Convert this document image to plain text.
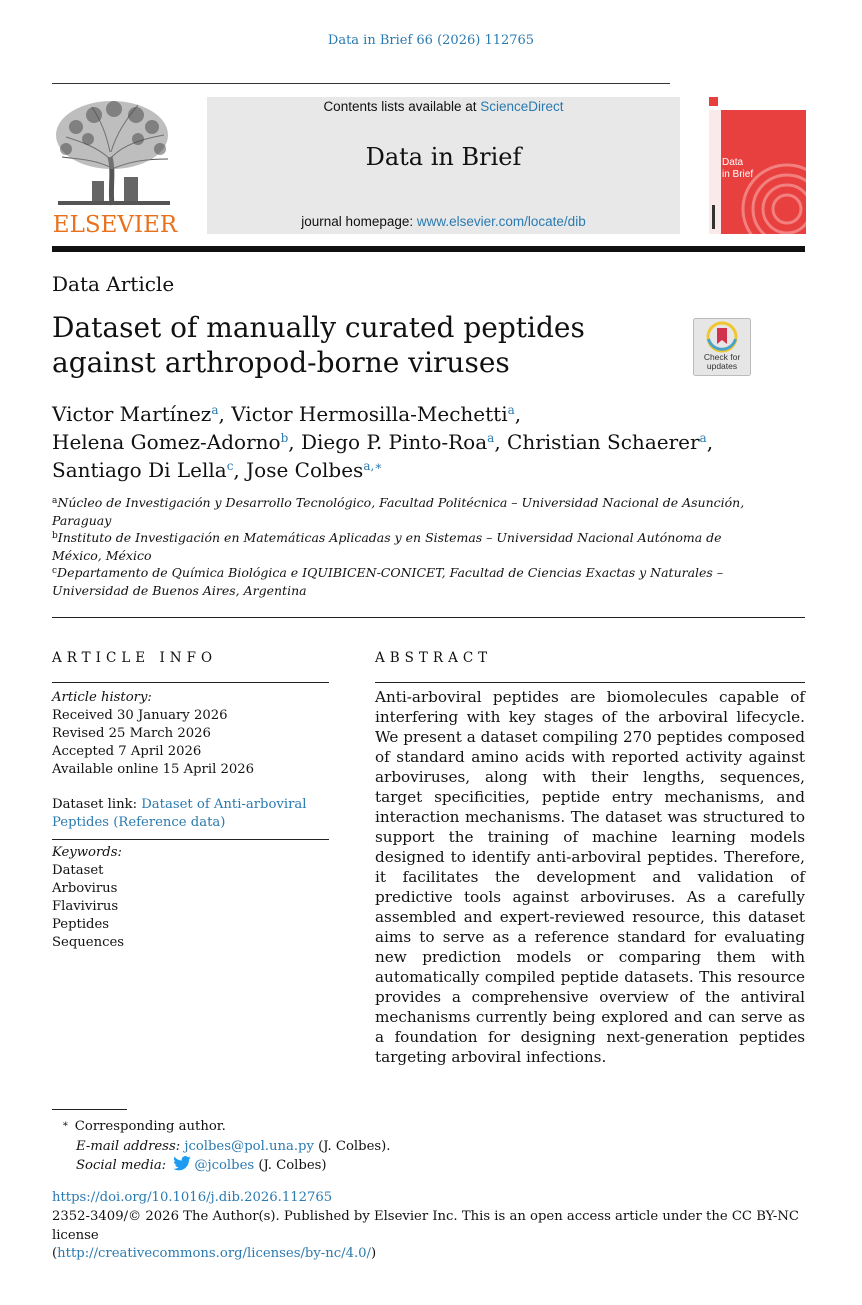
Data in Brief 66 (2026) 112765
ELSEVIER
Contents lists available at ScienceDirect
Data in Brief
journal homepage: www.elsevier.com/locate/dib
Data
in Brief
Data Article
Dataset of manually curated peptides against arthropod-borne viruses	Check for
updates
Victor Martínez$^a$, Victor Hermosilla-Mechetti$^a$,
Helena Gomez-Adorno$^b$, Diego P. Pinto-Roa$^a$, Christian Schaerer$^a$,
Santiago Di Lella$^c$, Jose Colbes$^{a,∗}$

$^a$Núcleo de Investigación y Desarrollo Tecnológico, Facultad Politécnica – Universidad Nacional de Asunción, Paraguay

$^b$Instituto de Investigación en Matemáticas Aplicadas y en Sistemas – Universidad Nacional Autónoma de México, México

$^c$Departamento de Química Biológica e IQUIBICEN-CONICET, Facultad de Ciencias Exactas y Naturales – Universidad de Buenos Aires, Argentina

ARTICLE INFO
Article history:
Received 30 January 2026
Revised 25 March 2026
Accepted 7 April 2026
Available online 15 April 2026
Dataset link: Dataset of Anti-arboviral Peptides (Reference data)
Keywords:
Dataset
Arbovirus
Flavivirus
Peptides
Sequences
ABSTRACT
Anti-arboviral peptides are biomolecules capable of interfering with key stages of the arboviral lifecycle. We present a dataset compiling 270 peptides composed of standard amino acids with reported activity against arboviruses, along with their lengths, sequences, target specificities, peptide entry mechanisms, and interaction mechanisms. The dataset was structured to support the training of machine learning models designed to identify anti-arboviral peptides. Therefore, it facilitates the development and validation of predictive tools against arboviruses. As a carefully assembled and expert-reviewed resource, this dataset aims to serve as a reference standard for evaluating new prediction models or comparing them with automatically compiled peptide datasets. This resource provides a comprehensive overview of the antiviral mechanisms currently being explored and can serve as a foundation for designing next-generation peptides targeting arboviral infections.
∗ Corresponding author.
E-mail address: jcolbes@pol.una.py (J. Colbes).
Social media: @jcolbes (J. Colbes)
https://doi.org/10.1016/j.dib.2026.112765
2352-3409/© 2026 The Author(s). Published by Elsevier Inc. This is an open access article under the CC BY-NC license
(http://creativecommons.org/licenses/by-nc/4.0/)
